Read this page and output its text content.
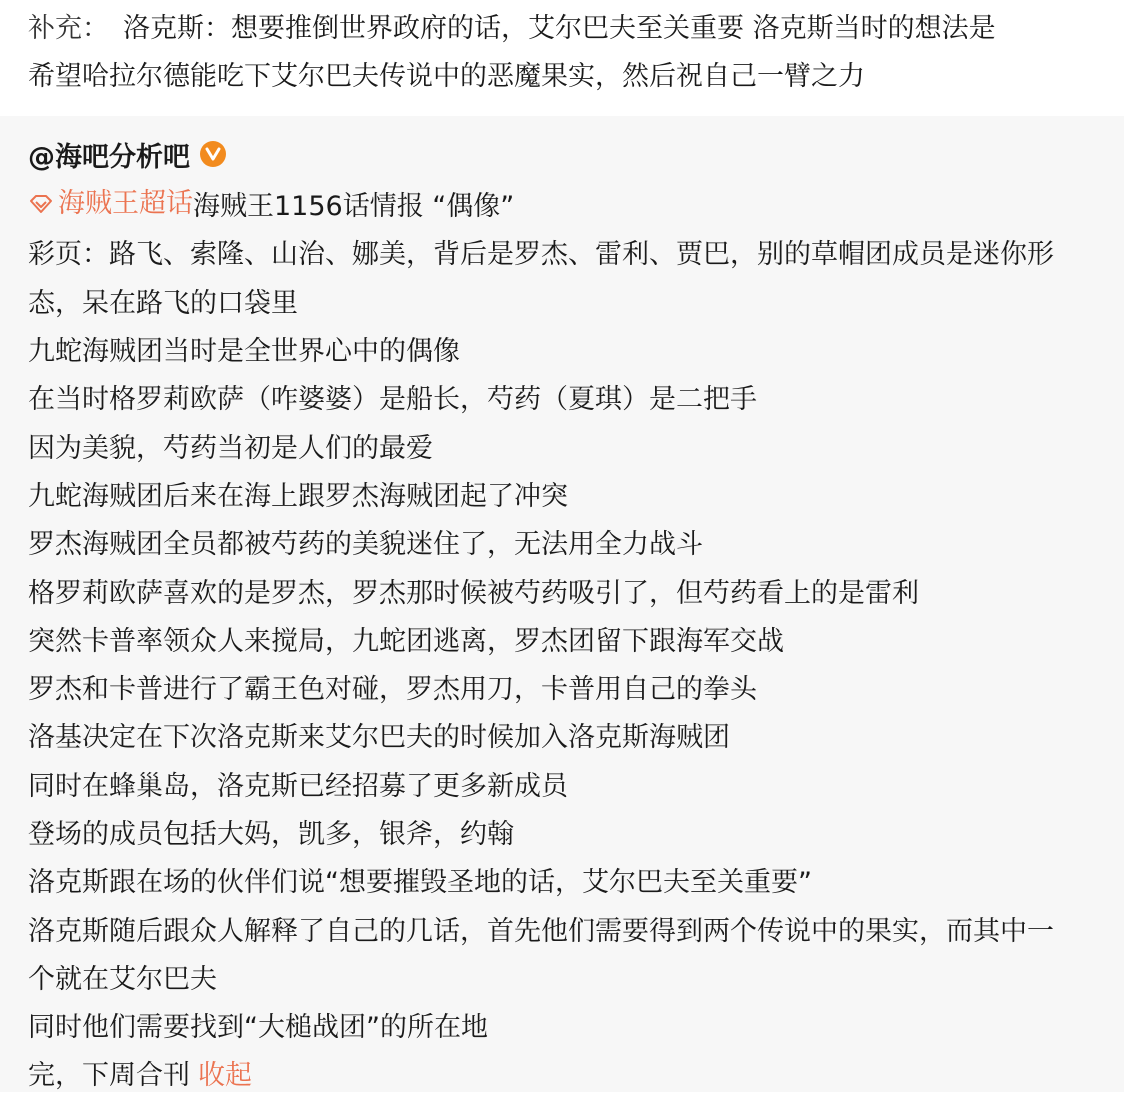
补充： 洛克斯：想要推倒世界政府的话，艾尔巴夫至关重要 洛克斯当时的想法是
希望哈拉尔德能吃下艾尔巴夫传说中的恶魔果实，然后祝自己一臂之力
@海吧分析吧
海贼王超话 海贼王1156话情报 “偶像”
彩页：路飞、索隆、山治、娜美，背后是罗杰、雷利、贾巴，别的草帽团成员是迷你形
态，呆在路飞的口袋里
九蛇海贼团当时是全世界心中的偶像
在当时格罗莉欧萨（咋婆婆）是船长，芍药（夏琪）是二把手
因为美貌，芍药当初是人们的最爱
九蛇海贼团后来在海上跟罗杰海贼团起了冲突
罗杰海贼团全员都被芍药的美貌迷住了，无法用全力战斗
格罗莉欧萨喜欢的是罗杰，罗杰那时候被芍药吸引了，但芍药看上的是雷利
突然卡普率领众人来搅局，九蛇团逃离，罗杰团留下跟海军交战
罗杰和卡普进行了霸王色对碰，罗杰用刀，卡普用自己的拳头
洛基决定在下次洛克斯来艾尔巴夫的时候加入洛克斯海贼团
同时在蜂巢岛，洛克斯已经招募了更多新成员
登场的成员包括大妈，凯多，银斧，约翰
洛克斯跟在场的伙伴们说“想要摧毁圣地的话，艾尔巴夫至关重要”
洛克斯随后跟众人解释了自己的几话，首先他们需要得到两个传说中的果实，而其中一
个就在艾尔巴夫
同时他们需要找到“大槌战团”的所在地
完，下周合刊 收起
